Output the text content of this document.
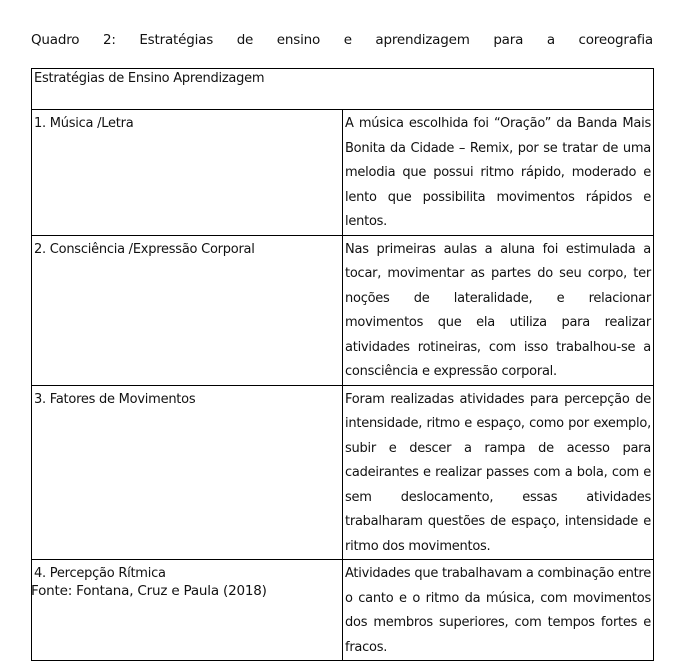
Quadro 2: Estratégias de ensino e aprendizagem para a coreografia
Estratégias de Ensino Aprendizagem	

1. Música /Letra	A música escolhida foi “Oração” da Banda Mais Bonita da Cidade – Remix, por se tratar de uma melodia que possui ritmo rápido, moderado e lento que possibilita movimentos rápidos e lentos.

2. Consciência /Expressão Corporal	Nas primeiras aulas a aluna foi estimulada a tocar, movimentar as partes do seu corpo, ter noções de lateralidade, e relacionar movimentos que ela utiliza para realizar atividades rotineiras, com isso trabalhou-se a consciência e expressão corporal.

3. Fatores de Movimentos	Foram realizadas atividades para percepção de intensidade, ritmo e espaço, como por exemplo, subir e descer a rampa de acesso para cadeirantes e realizar passes com a bola, com e sem deslocamento, essas atividades trabalharam questões de espaço, intensidade e ritmo dos movimentos.

4. Percepção Rítmica	Atividades que trabalhavam a combinação entre o canto e o ritmo da música, com movimentos dos membros superiores, com tempos fortes e fracos.
Fonte: Fontana, Cruz e Paula (2018)
